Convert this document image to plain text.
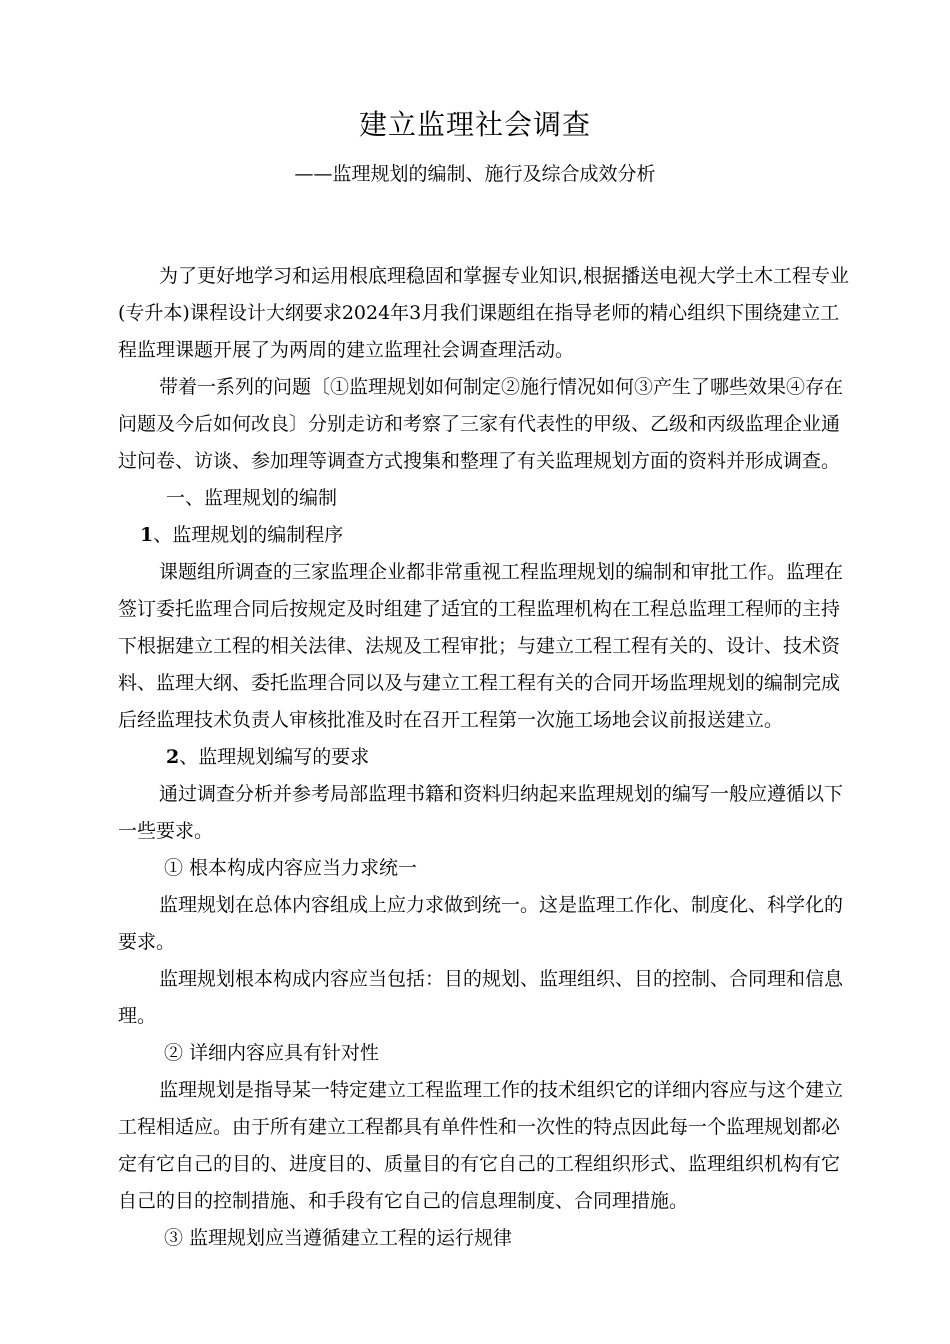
建立监理社会调查
——监理规划的编制、施行及综合成效分析

为了更好地学习和运用根底理稳固和掌握专业知识,根据播送电视大学土木工程专业(专升本)课程设计大纲要求2024年3月我们课题组在指导老师的精心组织下围绕建立工程监理课题开展了为两周的建立监理社会调查理活动。

带着一系列的问题〔①监理规划如何制定②施行情况如何③产生了哪些效果④存在问题及今后如何改良〕分别走访和考察了三家有代表性的甲级、乙级和丙级监理企业通过问卷、访谈、参加理等调查方式搜集和整理了有关监理规划方面的资料并形成调查。

一、监理规划的编制

1、监理规划的编制程序

课题组所调查的三家监理企业都非常重视工程监理规划的编制和审批工作。监理在签订委托监理合同后按规定及时组建了适宜的工程监理机构在工程总监理工程师的主持下根据建立工程的相关法律、法规及工程审批；与建立工程工程有关的、设计、技术资料、监理大纲、委托监理合同以及与建立工程工程有关的合同开场监理规划的编制完成后经监理技术负责人审核批准及时在召开工程第一次施工场地会议前报送建立。

2、监理规划编写的要求

通过调查分析并参考局部监理书籍和资料归纳起来监理规划的编写一般应遵循以下一些要求。

① 根本构成内容应当力求统一

监理规划在总体内容组成上应力求做到统一。这是监理工作化、制度化、科学化的要求。

监理规划根本构成内容应当包括：目的规划、监理组织、目的控制、合同理和信息理。

② 详细内容应具有针对性

监理规划是指导某一特定建立工程监理工作的技术组织它的详细内容应与这个建立工程相适应。由于所有建立工程都具有单件性和一次性的特点因此每一个监理规划都必定有它自己的目的、进度目的、质量目的有它自己的工程组织形式、监理组织机构有它自己的目的控制措施、和手段有它自己的信息理制度、合同理措施。

③ 监理规划应当遵循建立工程的运行规律
